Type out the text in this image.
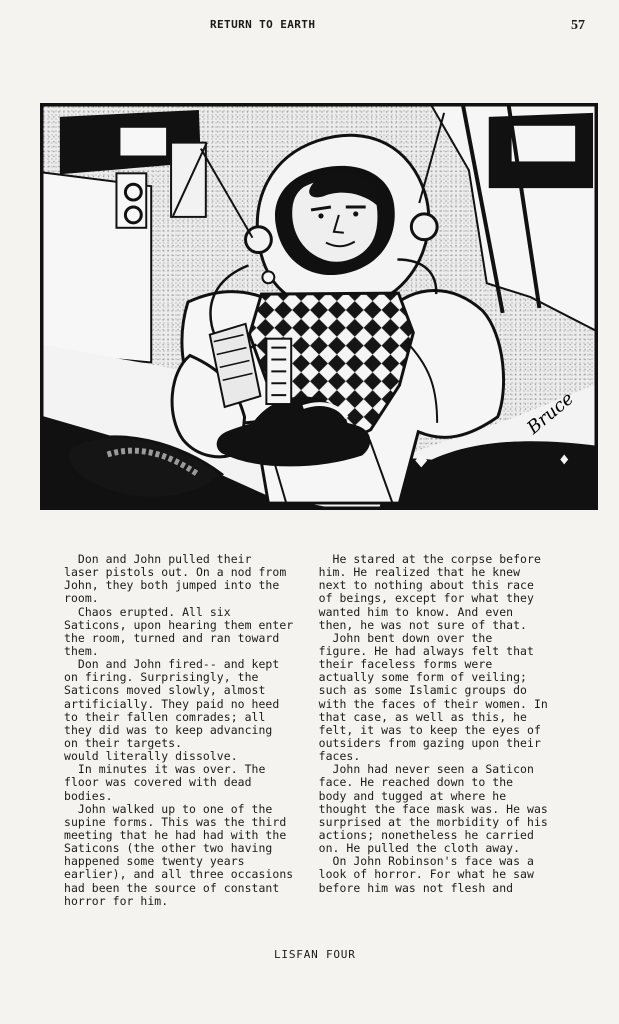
RETURN TO EARTH	57
Bruce
Don and John pulled their
laser pistols out. On a nod from
John, they both jumped into the
room.
Chaos erupted. All six
Saticons, upon hearing them enter
the room, turned and ran toward
them.
Don and John fired-- and kept
on firing. Surprisingly, the
Saticons moved slowly, almost
artificially. They paid no heed
to their fallen comrades; all
they did was to keep advancing
on their targets.
would literally dissolve.
In minutes it was over. The
floor was covered with dead
bodies.
John walked up to one of the
supine forms. This was the third
meeting that he had had with the
Saticons (the other two having
happened some twenty years
earlier), and all three occasions
had been the source of constant
horror for him.
He stared at the corpse before
him. He realized that he knew
next to nothing about this race
of beings, except for what they
wanted him to know. And even
then, he was not sure of that.
John bent down over the
figure. He had always felt that
their faceless forms were
actually some form of veiling;
such as some Islamic groups do
with the faces of their women. In
that case, as well as this, he
felt, it was to keep the eyes of
outsiders from gazing upon their
faces.
John had never seen a Saticon
face. He reached down to the
body and tugged at where he
thought the face mask was. He was
surprised at the morbidity of his
actions; nonetheless he carried
on. He pulled the cloth away.
On John Robinson's face was a
look of horror. For what he saw
before him was not flesh and
LISFAN FOUR
